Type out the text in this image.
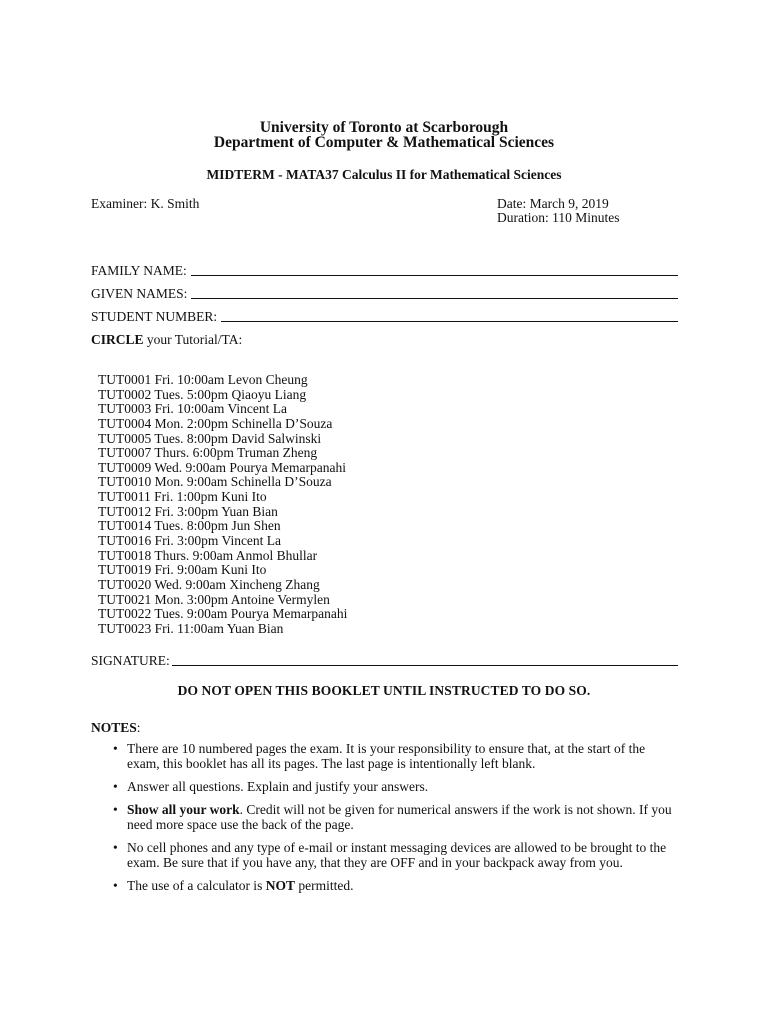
University of Toronto at Scarborough
Department of Computer & Mathematical Sciences
MIDTERM - MATA37 Calculus II for Mathematical Sciences
Examiner: K. Smith	Date: March 9, 2019
Duration: 110 Minutes
FAMILY NAME:
GIVEN NAMES:
STUDENT NUMBER:
CIRCLE your Tutorial/TA:
TUT0001 Fri. 10:00am Levon Cheung
TUT0002 Tues. 5:00pm Qiaoyu Liang
TUT0003 Fri. 10:00am Vincent La
TUT0004 Mon. 2:00pm Schinella D’Souza
TUT0005 Tues. 8:00pm David Salwinski
TUT0007 Thurs. 6:00pm Truman Zheng
TUT0009 Wed. 9:00am Pourya Memarpanahi
TUT0010 Mon. 9:00am Schinella D’Souza
TUT0011 Fri. 1:00pm Kuni Ito
TUT0012 Fri. 3:00pm Yuan Bian
TUT0014 Tues. 8:00pm Jun Shen
TUT0016 Fri. 3:00pm Vincent La
TUT0018 Thurs. 9:00am Anmol Bhullar
TUT0019 Fri. 9:00am Kuni Ito
TUT0020 Wed. 9:00am Xincheng Zhang
TUT0021 Mon. 3:00pm Antoine Vermylen
TUT0022 Tues. 9:00am Pourya Memarpanahi
TUT0023 Fri. 11:00am Yuan Bian
SIGNATURE:
DO NOT OPEN THIS BOOKLET UNTIL INSTRUCTED TO DO SO.
NOTES:
• There are 10 numbered pages the exam. It is your responsibility to ensure that, at the start of the exam, this booklet has all its pages. The last page is intentionally left blank.
• Answer all questions. Explain and justify your answers.
• Show all your work. Credit will not be given for numerical answers if the work is not shown. If you need more space use the back of the page.
• No cell phones and any type of e-mail or instant messaging devices are allowed to be brought to the exam. Be sure that if you have any, that they are OFF and in your backpack away from you.
• The use of a calculator is NOT permitted.
